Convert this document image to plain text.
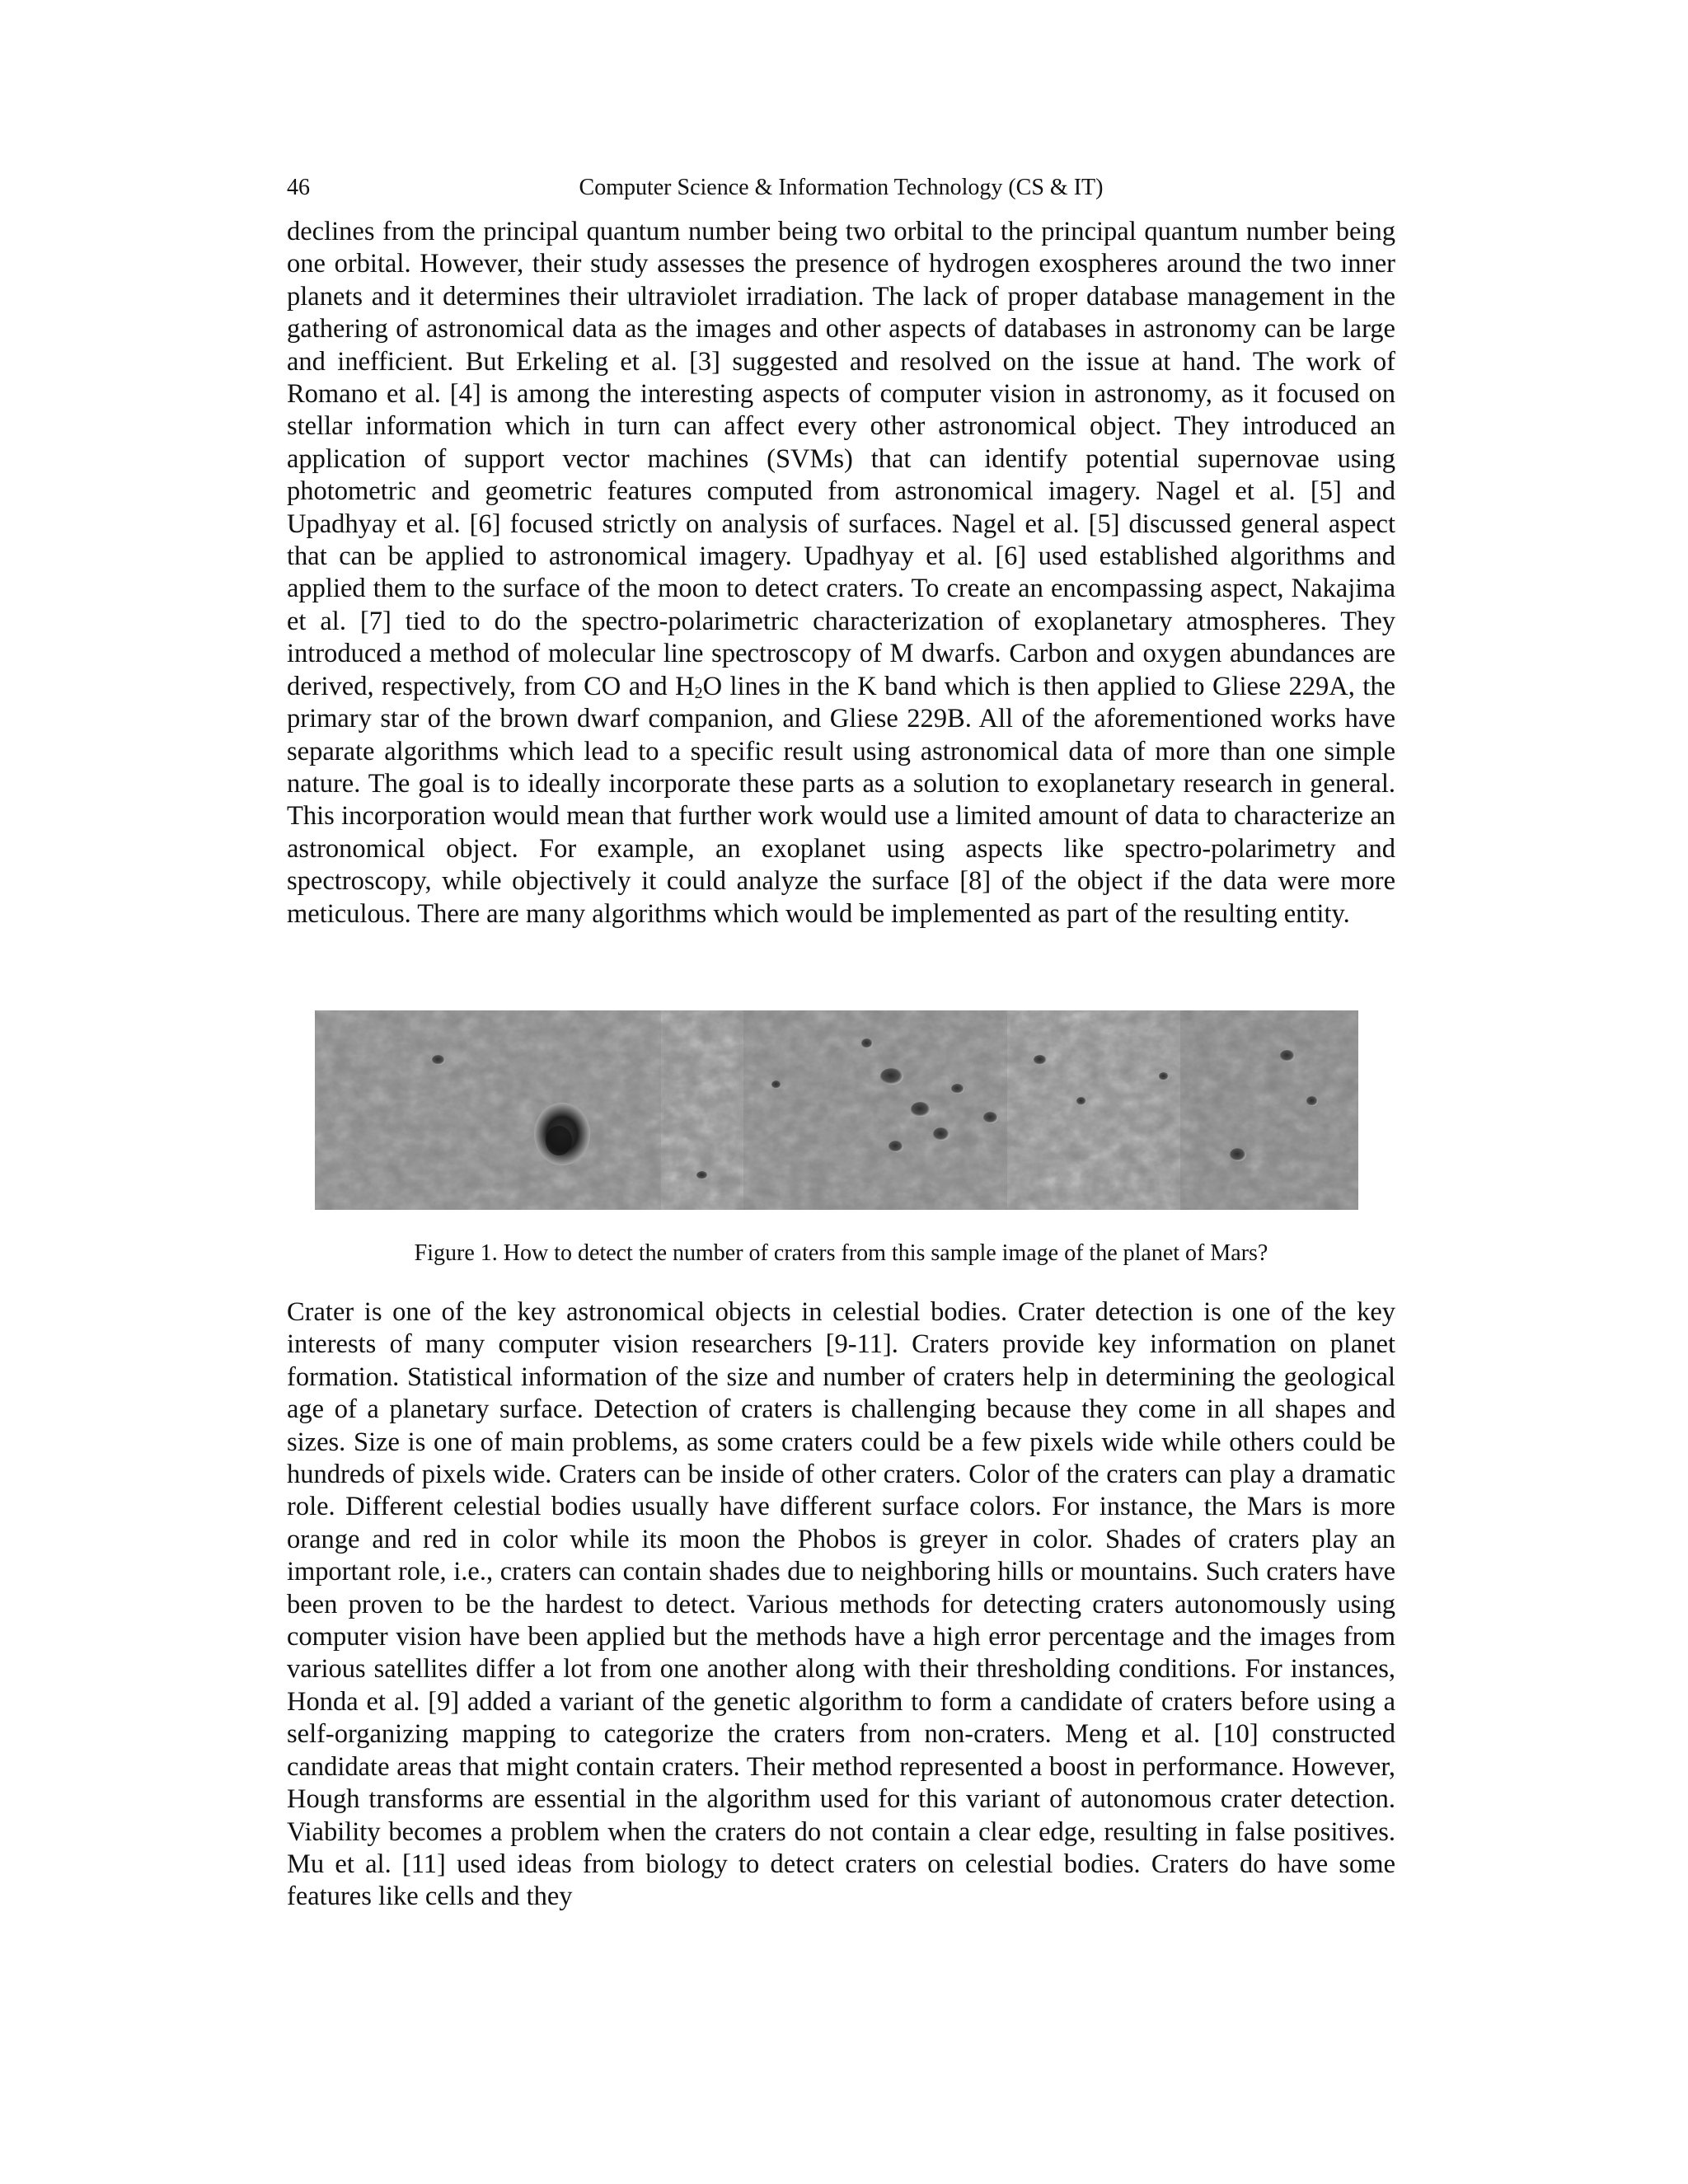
46	Computer Science & Information Technology (CS & IT)

declines from the principal quantum number being two orbital to the principal quantum number being one orbital. However, their study assesses the presence of hydrogen exospheres around the two inner planets and it determines their ultraviolet irradiation. The lack of proper database management in the gathering of astronomical data as the images and other aspects of databases in astronomy can be large and inefficient. But Erkeling et al. [3] suggested and resolved on the issue at hand. The work of Romano et al. [4] is among the interesting aspects of computer vision in astronomy, as it focused on stellar information which in turn can affect every other astronomical object. They introduced an application of support vector machines (SVMs) that can identify potential supernovae using photometric and geometric features computed from astronomical imagery. Nagel et al. [5] and Upadhyay et al. [6] focused strictly on analysis of surfaces. Nagel et al. [5] discussed general aspect that can be applied to astronomical imagery. Upadhyay et al. [6] used established algorithms and applied them to the surface of the moon to detect craters. To create an encompassing aspect, Nakajima et al. [7] tied to do the spectro-polarimetric characterization of exoplanetary atmospheres. They introduced a method of molecular line spectroscopy of M dwarfs. Carbon and oxygen abundances are derived, respectively, from CO and $H_2O$ lines in the K band which is then applied to Gliese 229A, the primary star of the brown dwarf companion, and Gliese 229B. All of the aforementioned works have separate algorithms which lead to a specific result using astronomical data of more than one simple nature. The goal is to ideally incorporate these parts as a solution to exoplanetary research in general. This incorporation would mean that further work would use a limited amount of data to characterize an astronomical object. For example, an exoplanet using aspects like spectro-polarimetry and spectroscopy, while objectively it could analyze the surface [8] of the object if the data were more meticulous. There are many algorithms which would be implemented as part of the resulting entity.

Figure 1. How to detect the number of craters from this sample image of the planet of Mars?

Crater is one of the key astronomical objects in celestial bodies. Crater detection is one of the key interests of many computer vision researchers [9-11]. Craters provide key information on planet formation. Statistical information of the size and number of craters help in determining the geological age of a planetary surface. Detection of craters is challenging because they come in all shapes and sizes. Size is one of main problems, as some craters could be a few pixels wide while others could be hundreds of pixels wide. Craters can be inside of other craters. Color of the craters can play a dramatic role. Different celestial bodies usually have different surface colors. For instance, the Mars is more orange and red in color while its moon the Phobos is greyer in color. Shades of craters play an important role, i.e., craters can contain shades due to neighboring hills or mountains. Such craters have been proven to be the hardest to detect. Various methods for detecting craters autonomously using computer vision have been applied but the methods have a high error percentage and the images from various satellites differ a lot from one another along with their thresholding conditions. For instances, Honda et al. [9] added a variant of the genetic algorithm to form a candidate of craters before using a self-organizing mapping to categorize the craters from non-craters. Meng et al. [10] constructed candidate areas that might contain craters. Their method represented a boost in performance. However, Hough transforms are essential in the algorithm used for this variant of autonomous crater detection. Viability becomes a problem when the craters do not contain a clear edge, resulting in false positives. Mu et al. [11] used ideas from biology to detect craters on celestial bodies. Craters do have some features like cells and they
